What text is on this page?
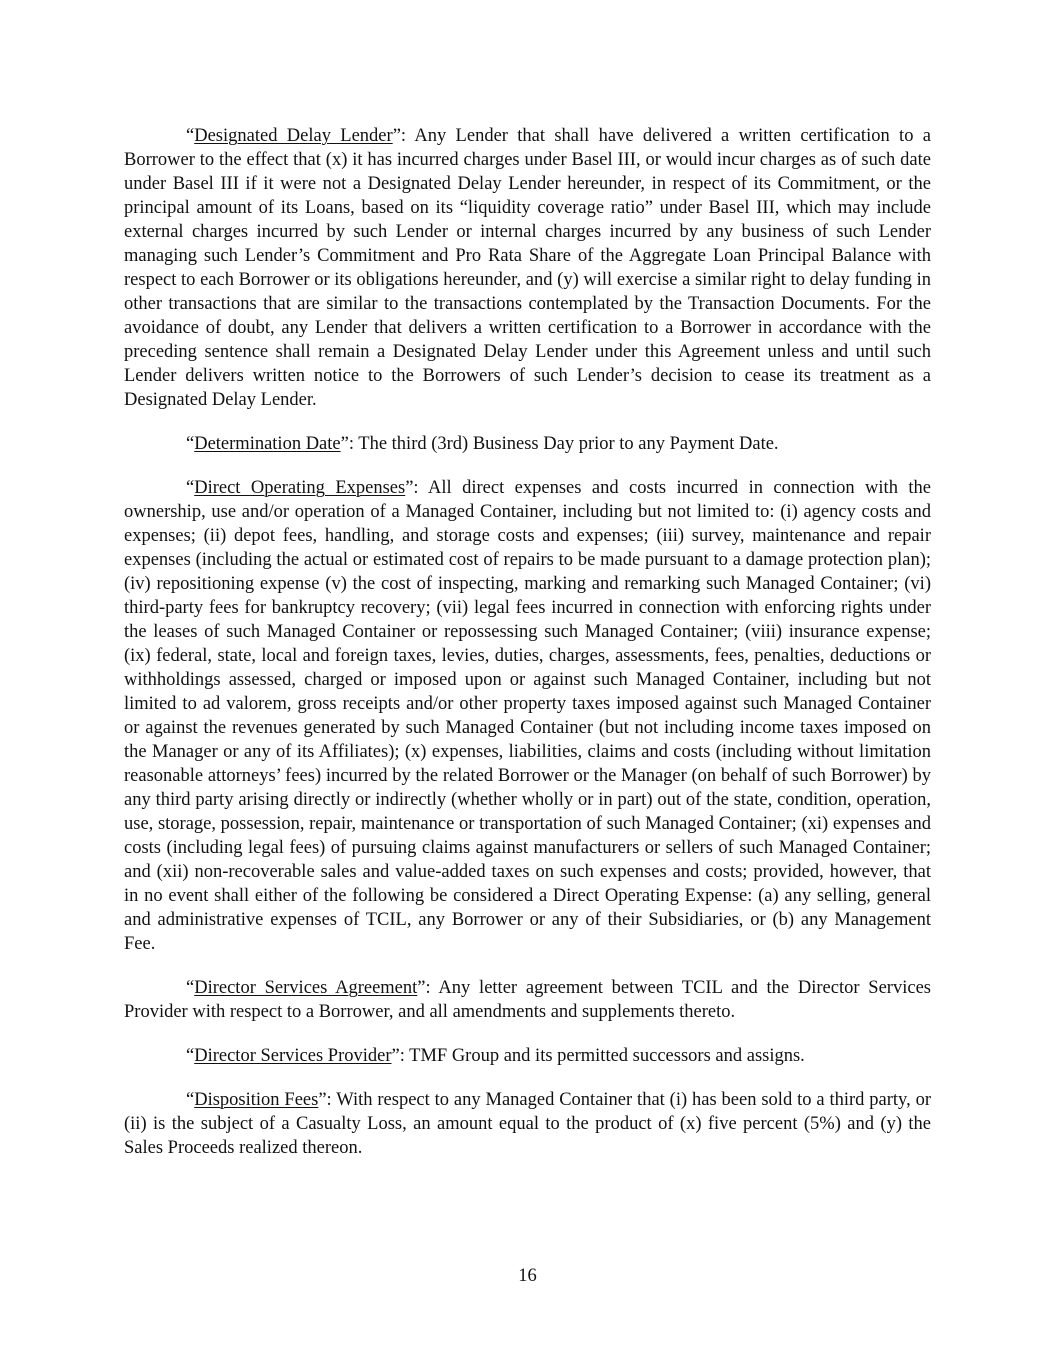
“Designated Delay Lender”: Any Lender that shall have delivered a written certification to a Borrower to the effect that (x) it has incurred charges under Basel III, or would incur charges as of such date under Basel III if it were not a Designated Delay Lender hereunder, in respect of its Commitment, or the principal amount of its Loans, based on its “liquidity coverage ratio” under Basel III, which may include external charges incurred by such Lender or internal charges incurred by any business of such Lender managing such Lender’s Commitment and Pro Rata Share of the Aggregate Loan Principal Balance with respect to each Borrower or its obligations hereunder, and (y) will exercise a similar right to delay funding in other transactions that are similar to the transactions contemplated by the Transaction Documents. For the avoidance of doubt, any Lender that delivers a written certification to a Borrower in accordance with the preceding sentence shall remain a Designated Delay Lender under this Agreement unless and until such Lender delivers written notice to the Borrowers of such Lender’s decision to cease its treatment as a Designated Delay Lender.

“Determination Date”: The third (3rd) Business Day prior to any Payment Date.

“Direct Operating Expenses”: All direct expenses and costs incurred in connection with the ownership, use and/or operation of a Managed Container, including but not limited to: (i) agency costs and expenses; (ii) depot fees, handling, and storage costs and expenses; (iii) survey, maintenance and repair expenses (including the actual or estimated cost of repairs to be made pursuant to a damage protection plan); (iv) repositioning expense (v) the cost of inspecting, marking and remarking such Managed Container; (vi) third-party fees for bankruptcy recovery; (vii) legal fees incurred in connection with enforcing rights under the leases of such Managed Container or repossessing such Managed Container; (viii) insurance expense; (ix) federal, state, local and foreign taxes, levies, duties, charges, assessments, fees, penalties, deductions or withholdings assessed, charged or imposed upon or against such Managed Container, including but not limited to ad valorem, gross receipts and/or other property taxes imposed against such Managed Container or against the revenues generated by such Managed Container (but not including income taxes imposed on the Manager or any of its Affiliates); (x) expenses, liabilities, claims and costs (including without limitation reasonable attorneys’ fees) incurred by the related Borrower or the Manager (on behalf of such Borrower) by any third party arising directly or indirectly (whether wholly or in part) out of the state, condition, operation, use, storage, possession, repair, maintenance or transportation of such Managed Container; (xi) expenses and costs (including legal fees) of pursuing claims against manufacturers or sellers of such Managed Container; and (xii) non-recoverable sales and value-added taxes on such expenses and costs; provided, however, that in no event shall either of the following be considered a Direct Operating Expense: (a) any selling, general and administrative expenses of TCIL, any Borrower or any of their Subsidiaries, or (b) any Management Fee.

“Director Services Agreement”: Any letter agreement between TCIL and the Director Services Provider with respect to a Borrower, and all amendments and supplements thereto.

“Director Services Provider”: TMF Group and its permitted successors and assigns.

“Disposition Fees”: With respect to any Managed Container that (i) has been sold to a third party, or (ii) is the subject of a Casualty Loss, an amount equal to the product of (x) five percent (5%) and (y) the Sales Proceeds realized thereon.

16
